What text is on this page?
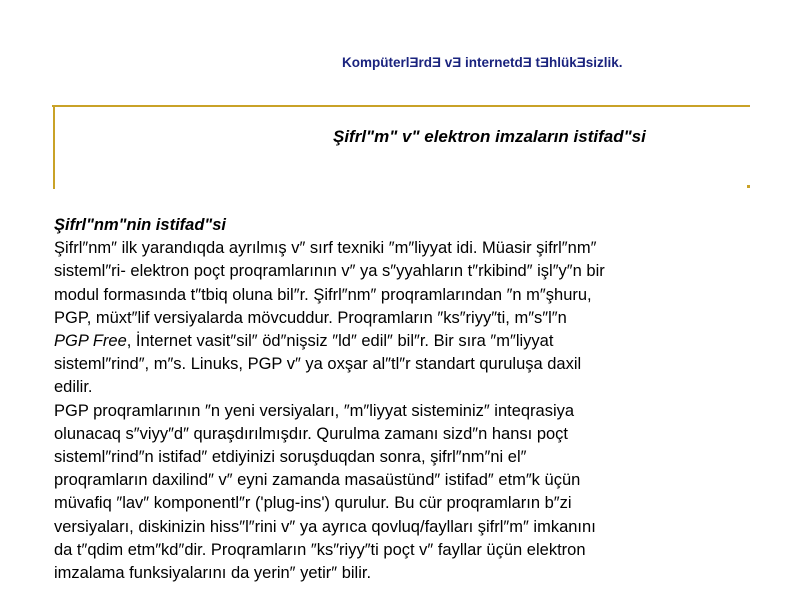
KompüterlƎrdƎ vƎ internetdƎ tƎhlükƎsizlik.
Şifrl"m" v" elektron imzaların istifad"si
Şifrl"nm"nin istifad"si
Şifrl″nm″ ilk yarandıqda ayrılmış v″ sırf texniki ″m″liyyat idi. Müasir şifrl″nm″
sisteml″ri- elektron poçt proqramlarının v″ ya s″yyahların t″rkibind″ işl″y″n bir
modul formasında t″tbiq oluna bil″r. Şifrl″nm″ proqramlarından ″n m″şhuru,
PGP, müxt″lif versiyalarda mövcuddur. Proqramların ″ks″riyy″ti, m″s″l″n
PGP Free, İnternet vasit″sil″ öd″nişsiz ″ld″ edil″ bil″r. Bir sıra ″m″liyyat
sisteml″rind″, m″s. Linuks, PGP v″ ya oxşar al″tl″r standart quruluşa daxil
edilir.
PGP proqramlarının ″n yeni versiyaları, ″m″liyyat sisteminiz″ inteqrasiya
olunacaq s″viyy″d″ quraşdırılmışdır. Qurulma zamanı sizd″n hansı poçt
sisteml″rind″n istifad″ etdiyinizi soruşduqdan sonra, şifrl″nm″ni el″
proqramların daxilind″ v″ eyni zamanda masaüstünd″ istifad″ etm″k üçün
müvafiq ″lav″ komponentl″r ('plug-ins') qurulur. Bu cür proqramların b″zi
versiyaları, diskinizin hiss″l″rini v″ ya ayrıca qovluq/faylları şifrl″m″ imkanını
da t″qdim etm″kd″dir. Proqramların ″ks″riyy″ti poçt v″ fayllar üçün elektron
imzalama funksiyalarını da yerin″ yetir″ bilir.
